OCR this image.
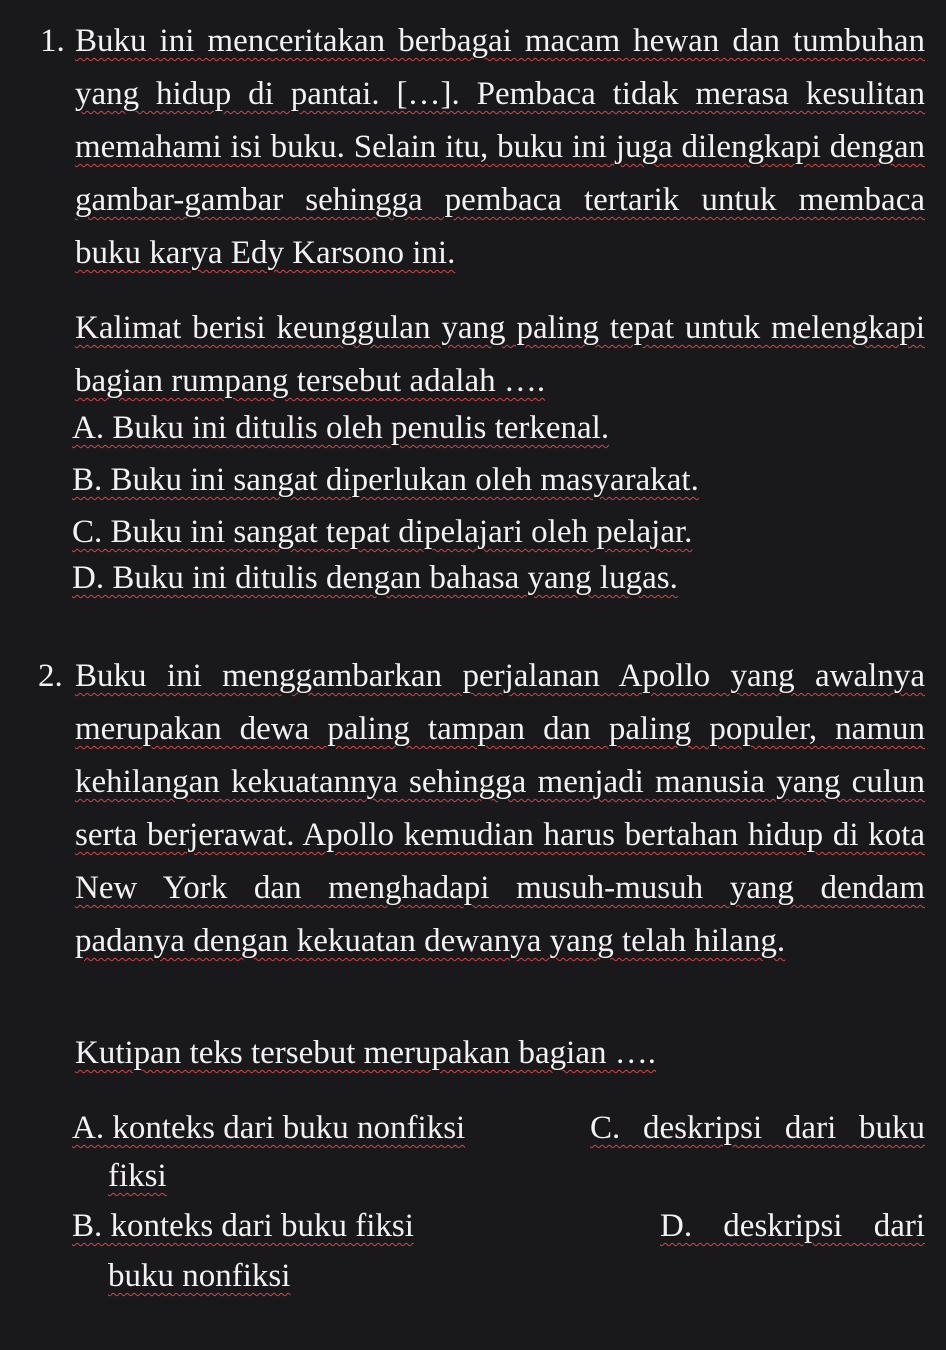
1. Buku ini menceritakan berbagai macam hewan dan tumbuhan yang hidup di pantai. […]. Pembaca tidak merasa kesulitan memahami isi buku. Selain itu, buku ini juga dilengkapi dengan gambar-gambar sehingga pembaca tertarik untuk membaca buku karya Edy Karsono ini.
Kalimat berisi keunggulan yang paling tepat untuk melengkapi bagian rumpang tersebut adalah ….
A. Buku ini ditulis oleh penulis terkenal.
B. Buku ini sangat diperlukan oleh masyarakat.
C. Buku ini sangat tepat dipelajari oleh pelajar.
D. Buku ini ditulis dengan bahasa yang lugas.
2. Buku ini menggambarkan perjalanan Apollo yang awalnya merupakan dewa paling tampan dan paling populer, namun kehilangan kekuatannya sehingga menjadi manusia yang culun serta berjerawat. Apollo kemudian harus bertahan hidup di kota New York dan menghadapi musuh-musuh yang dendam padanya dengan kekuatan dewanya yang telah hilang.
Kutipan teks tersebut merupakan bagian ….
A. konteks dari buku nonfiksi	C. deskripsi dari buku
fiksi
B. konteks dari buku fiksi	D. deskripsi dari
buku nonfiksi
